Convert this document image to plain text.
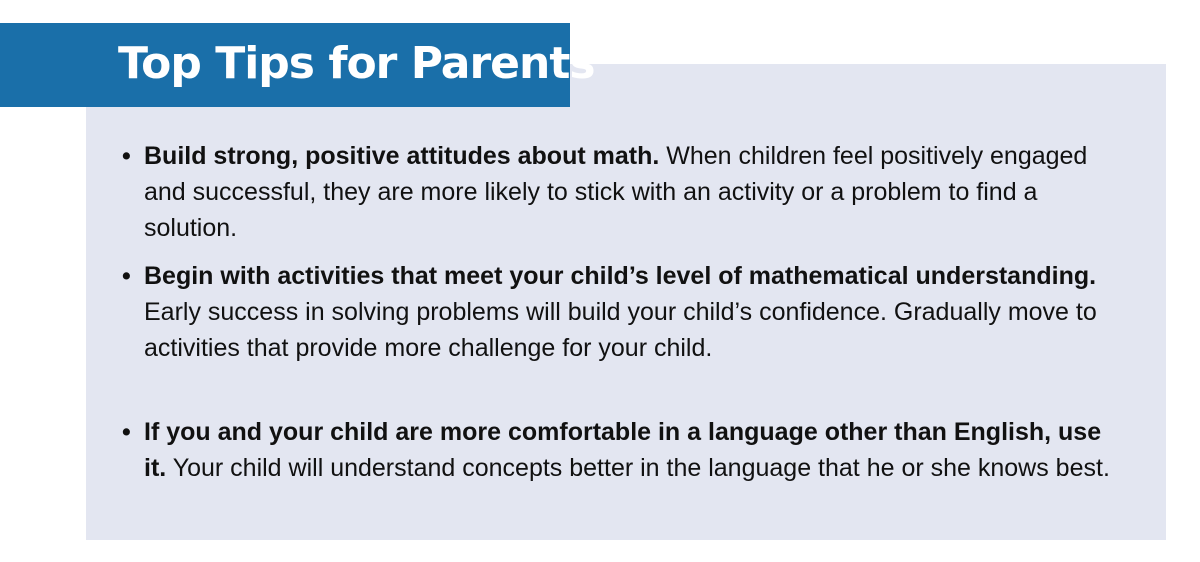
Top Tips for Parents
• Build strong, positive attitudes about math. When children feel positively engaged and successful, they are more likely to stick with an activity or a problem to find a solution.
• Begin with activities that meet your child’s level of mathematical understanding. Early success in solving problems will build your child’s confidence. Gradually move to activities that provide more challenge for your child.
• If you and your child are more comfortable in a language other than English, use it. Your child will understand concepts better in the language that he or she knows best.
